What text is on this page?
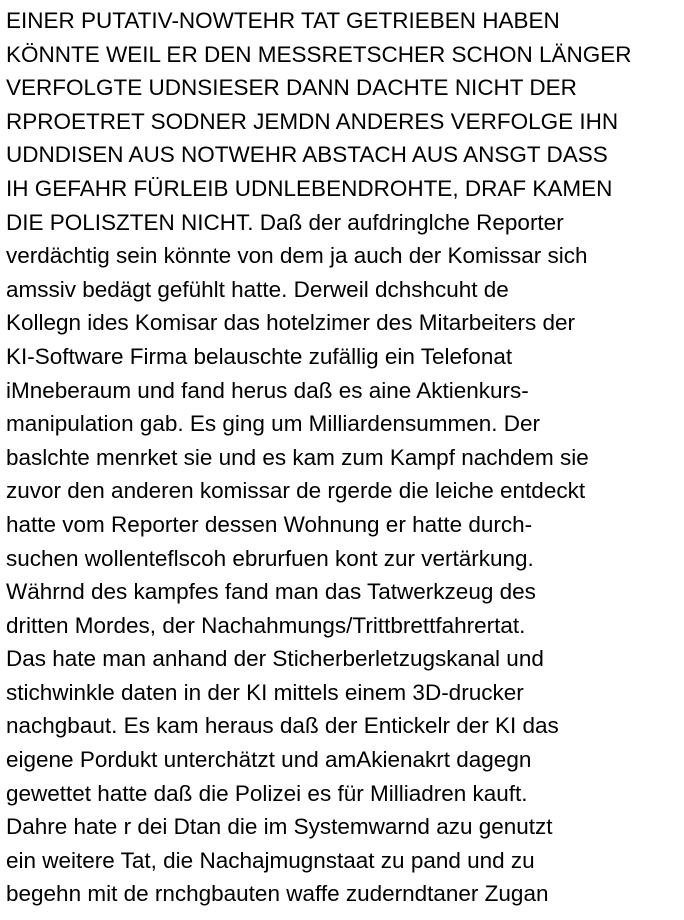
EINER PUTATIV-NOWTEHR TAT GETRIEBEN HABEN
KÖNNTE WEIL ER DEN MESSRETSCHER SCHON LÄNGER
VERFOLGTE UDNSIESER DANN DACHTE NICHT DER
RPROETRET SODNER JEMDN ANDERES VERFOLGE IHN
UDNDISEN AUS NOTWEHR ABSTACH AUS ANSGT DASS
IH GEFAHR FÜRLEIB UDNLEBENDROHTE, DRAF KAMEN
DIE POLISZTEN NICHT. Daß der aufdringlche Reporter
verdächtig sein könnte von dem ja auch der Komissar sich
amssiv bedägt gefühlt hatte. Derweil dchshcuht de
Kollegn ides Komisar das hotelzimer des Mitarbeiters der
KI-Software Firma belauschte zufällig ein Telefonat
iMneberaum und fand herus daß es aine Aktienkurs-
manipulation gab. Es ging um Milliardensummen. Der
baslchte menrket sie und es kam zum Kampf nachdem sie
zuvor den anderen komissar de rgerde die leiche entdeckt
hatte vom Reporter dessen Wohnung er hatte durch-
suchen wollenteflscoh ebrurfuen kont zur vertärkung.
Währnd des kampfes fand man das Tatwerkzeug des
dritten Mordes, der Nachahmungs/Trittbrettfahrertat.
Das hate man anhand der Sticherberletzugskanal und
stichwinkle daten in der KI mittels einem 3D-drucker
nachgbaut. Es kam heraus daß der Entickelr der KI das
eigene Pordukt unterchätzt und amAkienakrt dagegn
gewettet hatte daß die Polizei es für Milliadren kauft.
Dahre hate r dei Dtan die im Systemwarnd azu genutzt
ein weitere Tat, die Nachajmugnstaat zu pand und zu
begehn mit de rnchgbauten waffe zuderndtaner Zugan
